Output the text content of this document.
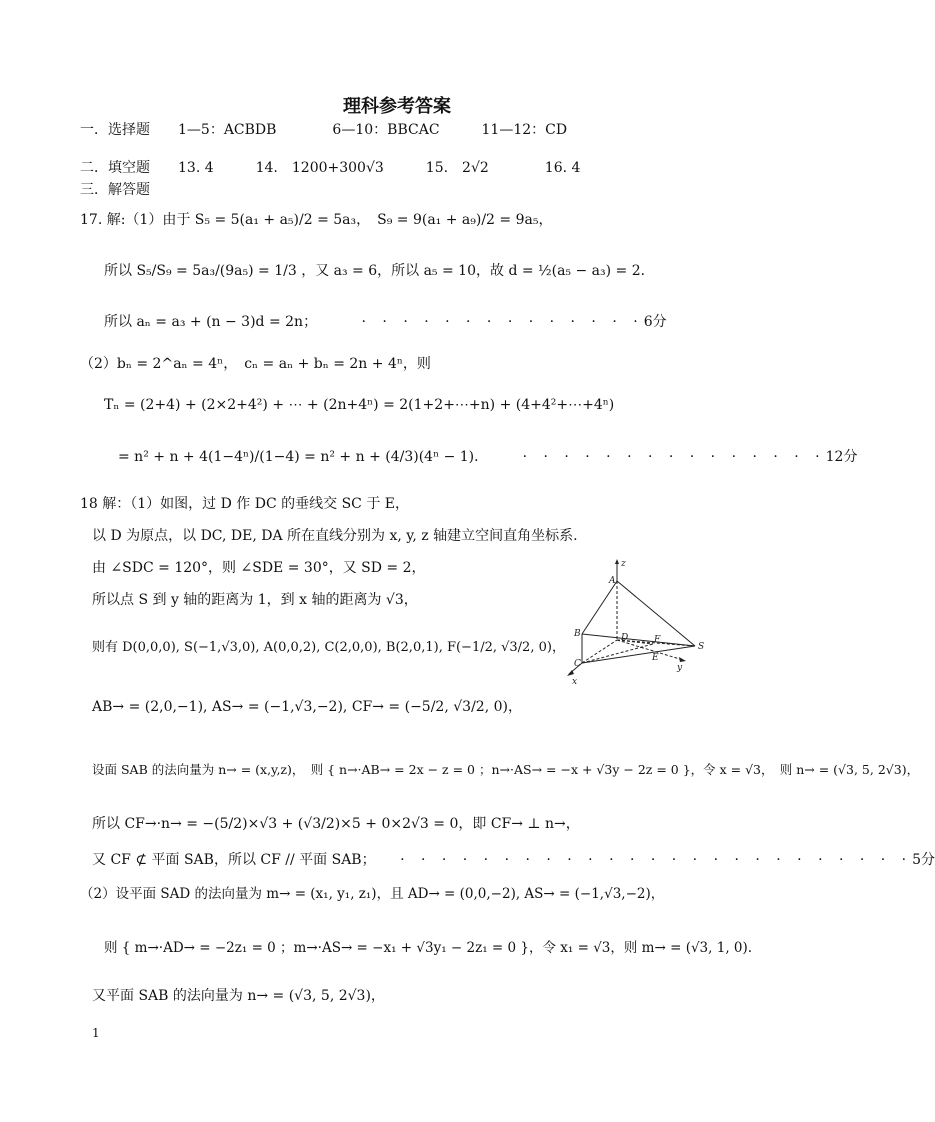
理科参考答案
一．选择题　　1—5：ACBDB　　　　6—10：BBCAC　　　11—12：CD
二．填空题　　13. 4　　　14.　1200+300√3　　　15.　2√2　　　　16. 4
三．解答题
17. 解:（1）由于 S₅ = 5(a₁ + a₅)/2 = 5a₃，　S₉ = 9(a₁ + a₉)/2 = 9a₅，
所以 S₅/S₉ = 5a₃/(9a₅) = 1/3 ，又 a₃ = 6，所以 a₅ = 10，故 d = ½(a₅ − a₃) = 2．
所以 aₙ = a₃ + (n − 3)d = 2n；	· · · · · · · · · · · · · ·6分
（2）bₙ = 2^aₙ = 4ⁿ，　cₙ = aₙ + bₙ = 2n + 4ⁿ，则
Tₙ = (2+4) + (2×2+4²) + ⋯ + (2n+4ⁿ) = 2(1+2+⋯+n) + (4+4²+⋯+4ⁿ)
= n² + n + 4(1−4ⁿ)/(1−4) = n² + n + (4/3)(4ⁿ − 1)． · · · · · · · · · · · · · · ·12分
18 解：（1）如图，过 D 作 DC 的垂线交 SC 于 E，
以 D 为原点，以 DC, DE, DA 所在直线分别为 x, y, z 轴建立空间直角坐标系.
由 ∠SDC = 120°，则 ∠SDE = 30°，又 SD = 2，
所以点 S 到 y 轴的距离为 1，到 x 轴的距离为 √3，
则有 D(0,0,0), S(−1,√3,0), A(0,0,2), C(2,0,0), B(2,0,1), F(−1/2, √3/2, 0)，
AB→ = (2,0,−1), AS→ = (−1,√3,−2), CF→ = (−5/2, √3/2, 0)，
设面 SAB 的法向量为 n→ = (x,y,z)，　则 { n→·AB→ = 2x − z = 0 ；n→·AS→ = −x + √3y − 2z = 0 }，令 x = √3，　则 n→ = (√3, 5, 2√3)，
所以 CF→·n→ = −(5/2)×√3 + (√3/2)×5 + 0×2√3 = 0，即 CF→ ⊥ n→，
又 CF ⊄ 平面 SAB，所以 CF // 平面 SAB； · · · · · · · · · · · · · · · · · · · · · · · · ·5分
（2）设平面 SAD 的法向量为 m→ = (x₁, y₁, z₁)，且 AD→ = (0,0,−2), AS→ = (−1,√3,−2)，
则 { m→·AD→ = −2z₁ = 0 ；m→·AS→ = −x₁ + √3y₁ − 2z₁ = 0 }，令 x₁ = √3，则 m→ = (√3, 1, 0).
又平面 SAB 的法向量为 n→ = (√3, 5, 2√3)，
z
A
B	D	F
S
C
E
y
x
1
